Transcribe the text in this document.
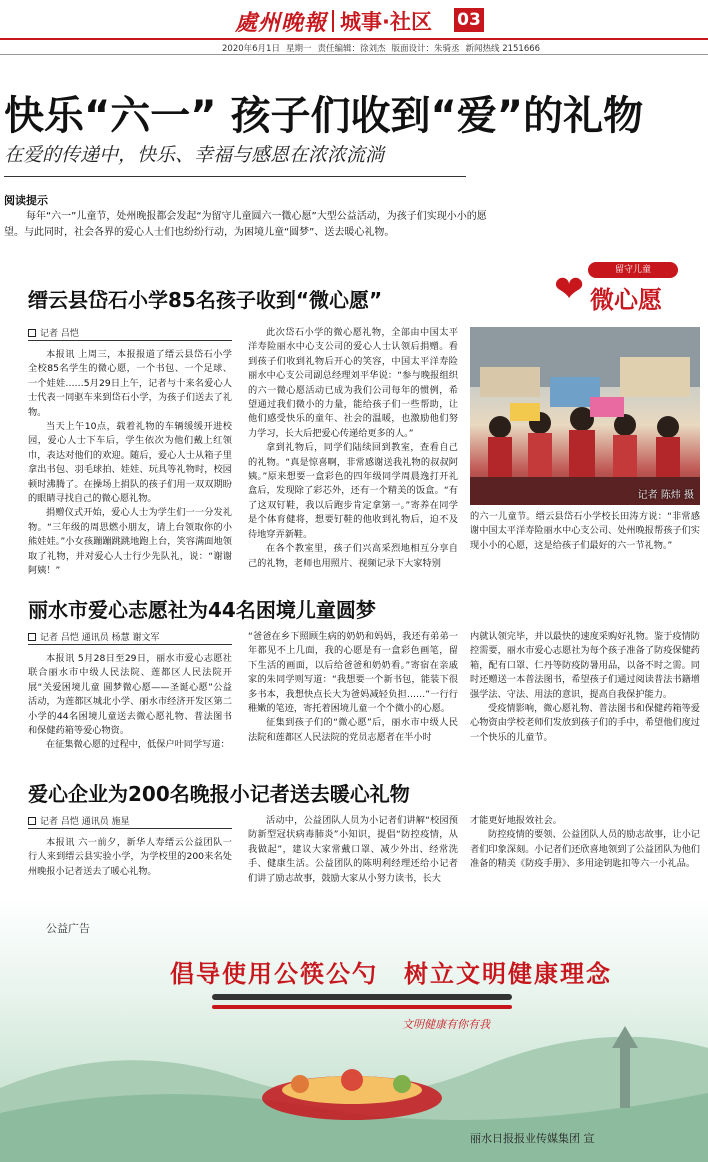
處州晚報 城事·社区 03
2020年6月1日 星期一 责任编辑：徐刘杰 版面设计：朱骑丞 新闻热线 2151666
快乐“六一” 孩子们收到“爱”的礼物
在爱的传递中，快乐、幸福与感恩在浓浓流淌
阅读提示
每年“六一”儿童节，处州晚报都会发起“为留守儿童圆六一微心愿”大型公益活动，为孩子们实现小小的愿望。与此同时，社会各界的爱心人士们也纷纷行动，为困境儿童“圆梦”、送去暖心礼物。
缙云县岱石小学85名孩子收到“微心愿”
留守儿童
❤ 微心愿
记者 吕恺

本报讯 上周三，本报报道了缙云县岱石小学全校85名学生的微心愿，一个书包、一个足球、一个娃娃……5月29日上午，记者与十来名爱心人士代表一同驱车来到岱石小学，为孩子们送去了礼物。

当天上午10点，载着礼物的车辆缓缓开进校园，爱心人士下车后，学生依次为他们戴上红领巾，表达对他们的欢迎。随后，爱心人士从箱子里拿出书包、羽毛球拍、娃娃、玩具等礼物时，校园顿时沸腾了。在操场上捐队的孩子们用一双双期盼的眼睛寻找自己的微心愿礼物。

捐赠仪式开始，爱心人士为学生们一一分发礼物。“三年级的周思燃小朋友，请上台领取你的小熊娃娃。”小女孩蹦蹦跳跳地跑上台，笑容满面地领取了礼物，并对爱心人士行少先队礼，说：“谢谢阿姨！”

此次岱石小学的微心愿礼物，全部由中国太平洋寿险丽水中心支公司的爱心人士认领后捐赠。看到孩子们收到礼物后开心的笑容，中国太平洋寿险丽水中心支公司副总经理刘平华说：“参与晚报组织的六一微心愿活动已成为我们公司每年的惯例，希望通过我们微小的力量，能给孩子们一些帮助，让他们感受快乐的童年、社会的温暖，也激励他们努力学习，长大后把爱心传递给更多的人。”

拿到礼物后，同学们陆续回到教室，查看自己的礼物。“真是惊喜啊，非常感谢送我礼物的叔叔阿姨。”原来想要一盒彩色的四年级同学周晨逸打开礼盒后，发现除了彩芯外，还有一个精美的饭盒。“有了这双钉鞋，我以后跑步肯定拿第一。”寄养在同学是个体育健将，想要钉鞋的他收到礼物后，迫不及待地穿弄新鞋。

在各个教室里，孩子们兴高采烈地相互分享自己的礼物，老师也用照片、视频记录下大家特别

记者 陈炜 摄

的六一儿童节。缙云县岱石小学校长田涛方说：“非常感谢中国太平洋寿险丽水中心支公司、处州晚报帮孩子们实现小小的心愿，这是给孩子们最好的六一节礼物。”

丽水市爱心志愿社为44名困境儿童圆梦
记者 吕恺 通讯员 杨慧 谢文军

本报讯 5月28日至29日，丽水市爱心志愿社联合丽水市中级人民法院、莲都区人民法院开展“关爱困境儿童 圆梦微心愿——圣诞心愿”公益活动，为莲都区城北小学、丽水市经济开发区第二小学的44名困境儿童送去微心愿礼物、普法图书和保健药箱等爱心物资。

在征集微心愿的过程中，低保户叶同学写道：

“爸爸在乡下照顾生病的奶奶和妈妈，我还有弟弟一年都见不上几面，我的心愿是有一盒彩色画笔，留下生活的画面，以后给爸爸和奶奶看。”寄宿在亲戚家的朱同学则写道：“我想要一个新书包，能装下很多书本，我想快点长大为爸妈减轻负担……”一行行稚嫩的笔迹，寄托着困境儿童一个个微小的心愿。

征集到孩子们的“微心愿”后，丽水市中级人民法院和莲都区人民法院的党员志愿者在半小时

内就认领完毕，并以最快的速度采购好礼物。鉴于疫情防控需要，丽水市爱心志愿社为每个孩子准备了防疫保健药箱，配有口罩、仁丹等防疫防暑用品，以备不时之需。同时还赠送一本普法图书，希望孩子们通过阅读普法书籍增强学法、守法、用法的意识，提高自我保护能力。

受疫情影响，微心愿礼物、普法图书和保健药箱等爱心物资由学校老师们发放到孩子们的手中，希望他们度过一个快乐的儿童节。

爱心企业为200名晚报小记者送去暖心礼物
记者 吕恺 通讯员 施星

本报讯 六一前夕，新华人寿缙云公益团队一行人来到缙云县实验小学，为学校里的200来名处州晚报小记者送去了暖心礼物。

活动中，公益团队人员为小记者们讲解“校园预防新型冠状病毒肺炎”小知识，提倡“防控疫情，从我做起”，建议大家常戴口罩、减少外出、经常洗手、健康生活。公益团队的陈明利经理还给小记者们讲了励志故事，鼓励大家从小努力读书，长大

才能更好地报效社会。

防控疫情的要领、公益团队人员的励志故事，让小记者们印象深刻。小记者们还欣喜地领到了公益团队为他们准备的精美《防疫手册》、多用途钥匙扣等六一小礼品。

公益广告
倡导使用公筷公勺　树立文明健康理念
文明健康有你有我
丽水日报报业传媒集团 宣
